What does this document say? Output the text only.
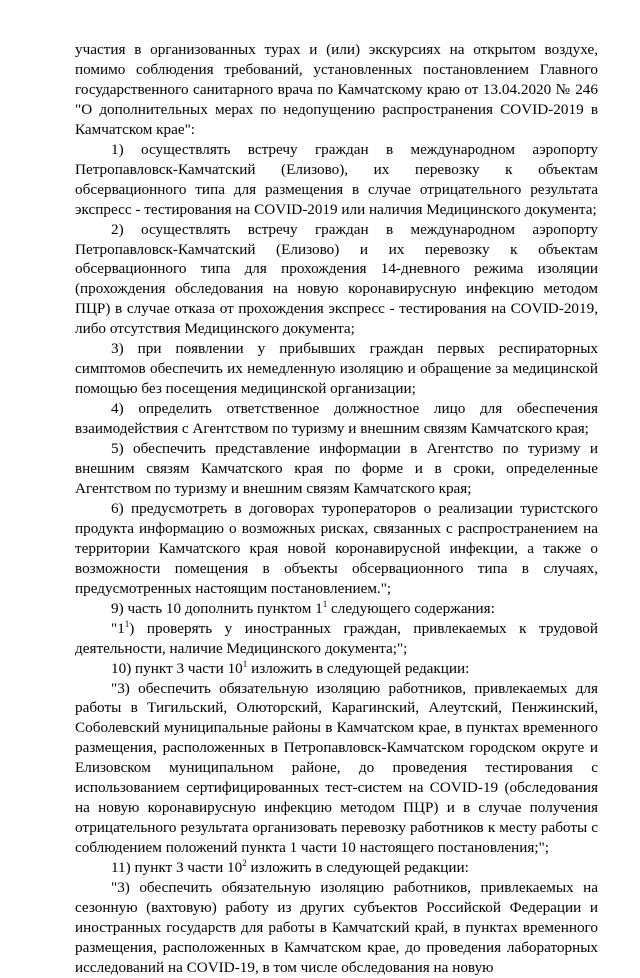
участия в организованных турах и (или) экскурсиях на открытом воздухе, помимо соблюдения требований, установленных постановлением Главного государственного санитарного врача по Камчатскому краю от 13.04.2020 № 246 "О дополнительных мерах по недопущению распространения COVID-2019 в Камчатском крае":

1) осуществлять встречу граждан в международном аэропорту Петропавловск-Камчатский (Елизово), их перевозку к объектам обсервационного типа для размещения в случае отрицательного результата экспресс - тестирования на COVID-2019 или наличия Медицинского документа;

2) осуществлять встречу граждан в международном аэропорту Петропавловск-Камчатский (Елизово) и их перевозку к объектам обсервационного типа для прохождения 14-дневного режима изоляции (прохождения обследования на новую коронавирусную инфекцию методом ПЦР) в случае отказа от прохождения экспресс - тестирования на COVID-2019, либо отсутствия Медицинского документа;

3) при появлении у прибывших граждан первых респираторных симптомов обеспечить их немедленную изоляцию и обращение за медицинской помощью без посещения медицинской организации;

4) определить ответственное должностное лицо для обеспечения взаимодействия с Агентством по туризму и внешним связям Камчатского края;

5) обеспечить представление информации в Агентство по туризму и внешним связям Камчатского края по форме и в сроки, определенные Агентством по туризму и внешним связям Камчатского края;

6) предусмотреть в договорах туроператоров о реализации туристского продукта информацию о возможных рисках, связанных с распространением на территории Камчатского края новой коронавирусной инфекции, а также о возможности помещения в объекты обсервационного типа в случаях, предусмотренных настоящим постановлением.";

9) часть 10 дополнить пунктом $1^1$ следующего содержания:

"$1^1$) проверять у иностранных граждан, привлекаемых к трудовой деятельности, наличие Медицинского документа;";

10) пункт 3 части $10^1$ изложить в следующей редакции:

"3) обеспечить обязательную изоляцию работников, привлекаемых для работы в Тигильский, Олюторский, Карагинский, Алеутский, Пенжинский, Соболевский муниципальные районы в Камчатском крае, в пунктах временного размещения, расположенных в Петропавловск-Камчатском городском округе и Елизовском муниципальном районе, до проведения тестирования с использованием сертифицированных тест-систем на COVID-19 (обследования на новую коронавирусную инфекцию методом ПЦР) и в случае получения отрицательного результата организовать перевозку работников к месту работы с соблюдением положений пункта 1 части 10 настоящего постановления;";

11) пункт 3 части $10^2$ изложить в следующей редакции:

"3) обеспечить обязательную изоляцию работников, привлекаемых на сезонную (вахтовую) работу из других субъектов Российской Федерации и иностранных государств для работы в Камчатский край, в пунктах временного размещения, расположенных в Камчатском крае, до проведения лабораторных исследований на COVID-19, в том числе обследования на новую
